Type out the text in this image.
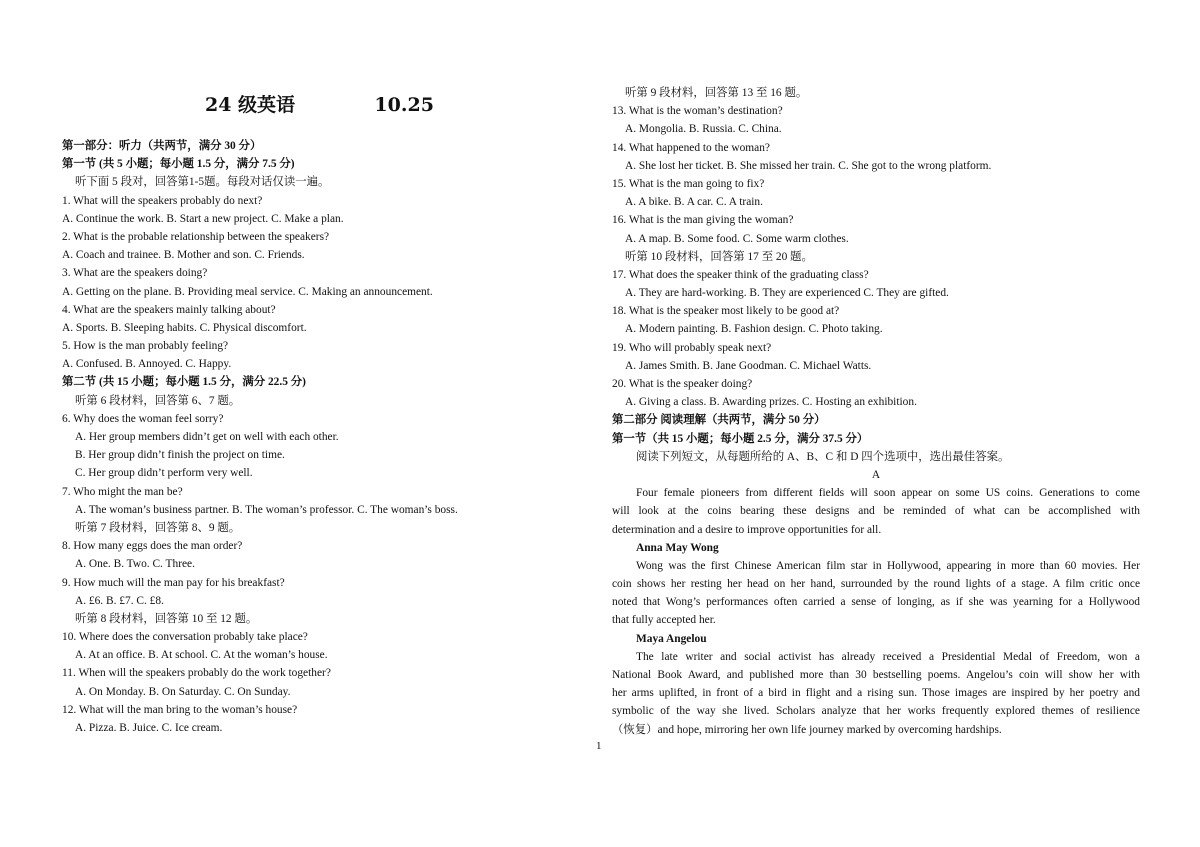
24 级英语            10.25
第一部分：听力（共两节，满分 30 分）
第一节 (共 5 小题；每小题 1.5 分，满分 7.5 分)
听下面 5 段对，回答第1-5题。每段对话仅读一遍。
1. What will the speakers probably do next?
A. Continue the work. B. Start a new project. C. Make a plan.
2. What is the probable relationship between the speakers?
A. Coach and trainee. B. Mother and son. C. Friends.
3. What are the speakers doing?
A. Getting on the plane. B. Providing meal service. C. Making an announcement.
4. What are the speakers mainly talking about?
A. Sports. B. Sleeping habits. C. Physical discomfort.
5. How is the man probably feeling?
A. Confused. B. Annoyed. C. Happy.
第二节 (共 15 小题；每小题 1.5 分，满分 22.5 分)
听第 6 段材料，回答第 6、7 题。
6. Why does the woman feel sorry?
A. Her group members didn’t get on well with each other.
B. Her group didn’t finish the project on time.
C. Her group didn’t perform very well.
7. Who might the man be?
A. The woman’s business partner. B. The woman’s professor. C. The woman’s boss.
听第 7 段材料，回答第 8、9 题。
8. How many eggs does the man order?
A. One. B. Two. C. Three.
9. How much will the man pay for his breakfast?
A. £6. B. £7. C. £8.
听第 8 段材料，回答第 10 至 12 题。
10. Where does the conversation probably take place?
A. At an office. B. At school. C. At the woman’s house.
11. When will the speakers probably do the work together?
A. On Monday. B. On Saturday. C. On Sunday.
12. What will the man bring to the woman’s house?
A. Pizza. B. Juice. C. Ice cream.
听第 9 段材料，回答第 13 至 16 题。
13. What is the woman’s destination?
A. Mongolia. B. Russia. C. China.
14. What happened to the woman?
A. She lost her ticket. B. She missed her train. C. She got to the wrong platform.
15. What is the man going to fix?
A. A bike. B. A car. C. A train.
16. What is the man giving the woman?
A. A map. B. Some food. C. Some warm clothes.
听第 10 段材料，回答第 17 至 20 题。
17. What does the speaker think of the graduating class?
A. They are hard-working. B. They are experienced C. They are gifted.
18. What is the speaker most likely to be good at?
A. Modern painting. B. Fashion design. C. Photo taking.
19. Who will probably speak next?
A. James Smith. B. Jane Goodman. C. Michael Watts.
20. What is the speaker doing?
A. Giving a class. B. Awarding prizes. C. Hosting an exhibition.
第二部分 阅读理解（共两节，满分 50 分）
第一节（共 15 小题；每小题 2.5 分，满分 37.5 分）
阅读下列短文，从每题所给的 A、B、C 和 D 四个选项中，选出最佳答案。
A
Four female pioneers from different fields will soon appear on some US coins. Generations to come
will look at the coins bearing these designs and be reminded of what can be accomplished with
determination and a desire to improve opportunities for all.
Anna May Wong
Wong was the first Chinese American film star in Hollywood, appearing in more than 60 movies. Her
coin shows her resting her head on her hand, surrounded by the round lights of a stage. A film critic once
noted that Wong’s performances often carried a sense of longing, as if she was yearning for a Hollywood
that fully accepted her.
Maya Angelou
The late writer and social activist has already received a Presidential Medal of Freedom, won a
National Book Award, and published more than 30 bestselling poems. Angelou’s coin will show her with
her arms uplifted, in front of a bird in flight and a rising sun. Those images are inspired by her poetry and
symbolic of the way she lived. Scholars analyze that her works frequently explored themes of resilience
（恢复）and hope, mirroring her own life journey marked by overcoming hardships.
1
